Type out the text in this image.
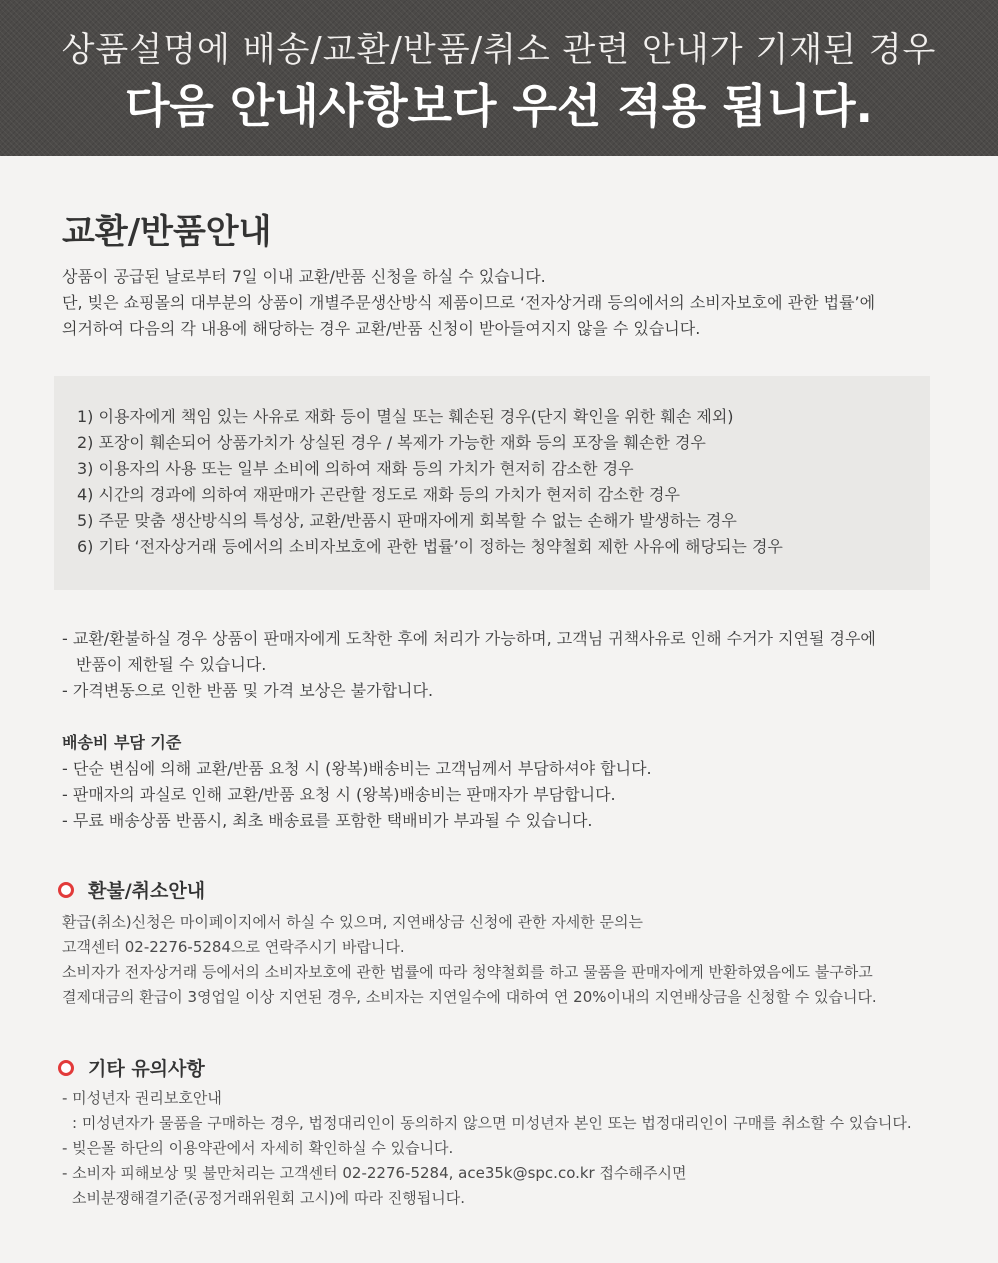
상품설명에 배송/교환/반품/취소 관련 안내가 기재된 경우
다음 안내사항보다 우선 적용 됩니다.
교환/반품안내
상품이 공급된 날로부터 7일 이내 교환/반품 신청을 하실 수 있습니다.
단, 빚은 쇼핑몰의 대부분의 상품이 개별주문생산방식 제품이므로 ‘전자상거래 등의에서의 소비자보호에 관한 법률’에
의거하여 다음의 각 내용에 해당하는 경우 교환/반품 신청이 받아들여지지 않을 수 있습니다.
1) 이용자에게 책임 있는 사유로 재화 등이 멸실 또는 훼손된 경우(단지 확인을 위한 훼손 제외)
2) 포장이 훼손되어 상품가치가 상실된 경우 / 복제가 가능한 재화 등의 포장을 훼손한 경우
3) 이용자의 사용 또는 일부 소비에 의하여 재화 등의 가치가 현저히 감소한 경우
4) 시간의 경과에 의하여 재판매가 곤란할 정도로 재화 등의 가치가 현저히 감소한 경우
5) 주문 맞춤 생산방식의 특성상, 교환/반품시 판매자에게 회복할 수 없는 손해가 발생하는 경우
6) 기타 ‘전자상거래 등에서의 소비자보호에 관한 법률’이 정하는 청약철회 제한 사유에 해당되는 경우
- 교환/환불하실 경우 상품이 판매자에게 도착한 후에 처리가 가능하며, 고객님 귀책사유로 인해 수거가 지연될 경우에
반품이 제한될 수 있습니다.
- 가격변동으로 인한 반품 및 가격 보상은 불가합니다.
배송비 부담 기준
- 단순 변심에 의해 교환/반품 요청 시 (왕복)배송비는 고객님께서 부담하셔야 합니다.
- 판매자의 과실로 인해 교환/반품 요청 시 (왕복)배송비는 판매자가 부담합니다.
- 무료 배송상품 반품시, 최초 배송료를 포함한 택배비가 부과될 수 있습니다.
환불/취소안내
환급(취소)신청은 마이페이지에서 하실 수 있으며, 지연배상금 신청에 관한 자세한 문의는
고객센터 02-2276-5284으로 연락주시기 바랍니다.
소비자가 전자상거래 등에서의 소비자보호에 관한 법률에 따라 청약철회를 하고 물품을 판매자에게 반환하였음에도 불구하고
결제대금의 환급이 3영업일 이상 지연된 경우, 소비자는 지연일수에 대하여 연 20%이내의 지연배상금을 신청할 수 있습니다.
기타 유의사항
- 미성년자 권리보호안내
: 미성년자가 물품을 구매하는 경우, 법정대리인이 동의하지 않으면 미성년자 본인 또는 법정대리인이 구매를 취소할 수 있습니다.
- 빚은몰 하단의 이용약관에서 자세히 확인하실 수 있습니다.
- 소비자 피해보상 및 불만처리는 고객센터 02-2276-5284, ace35k@spc.co.kr 접수해주시면
소비분쟁해결기준(공정거래위원회 고시)에 따라 진행됩니다.
